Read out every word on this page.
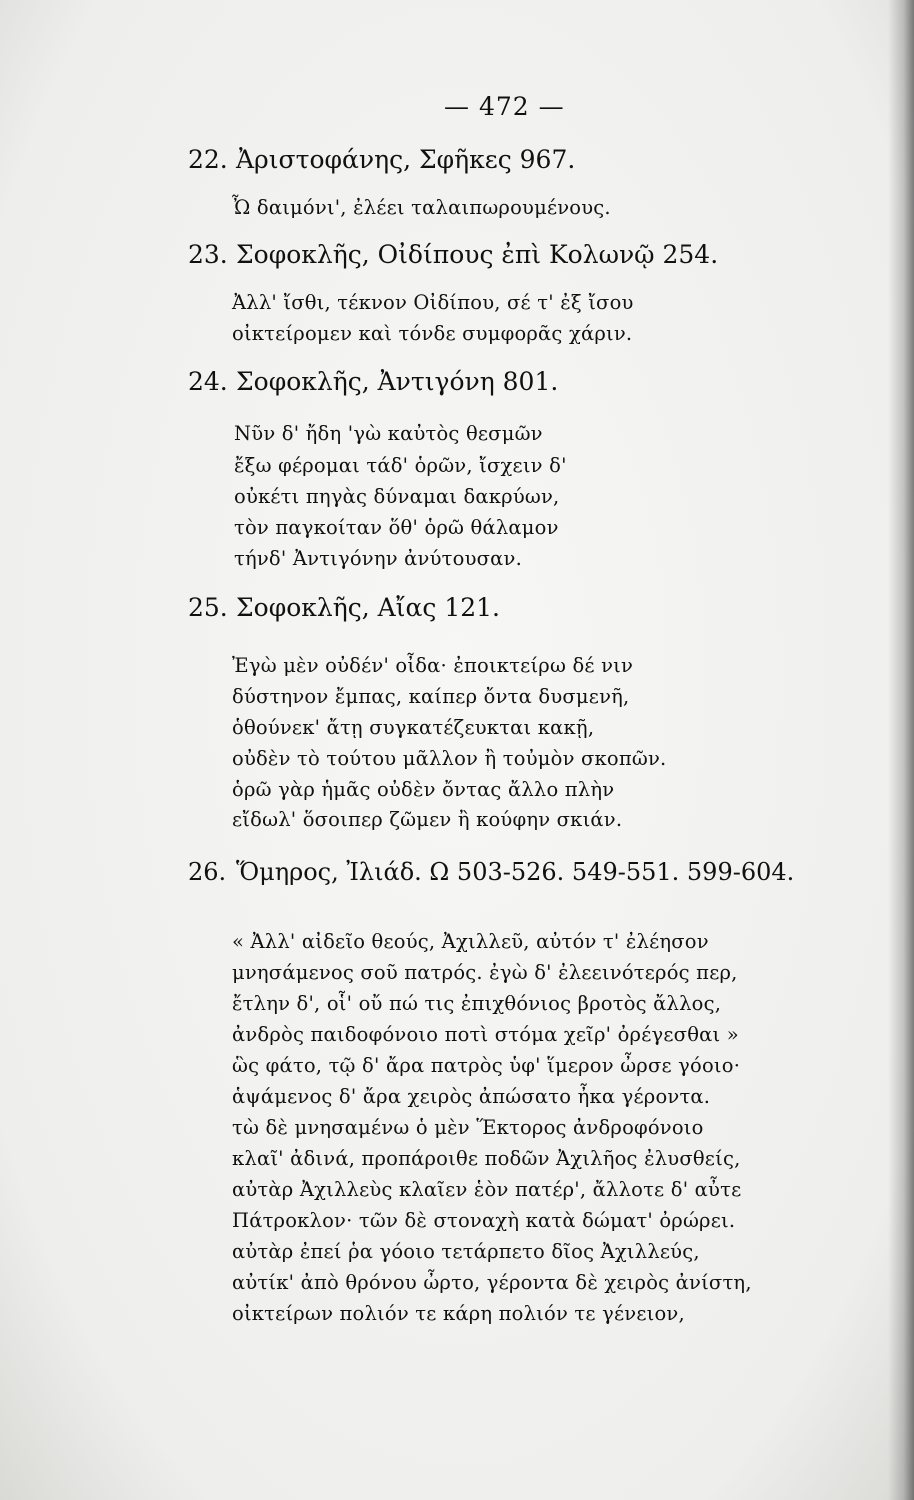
— 472 —
22. Ἀριστοφάνης, Σφῆκες 967.
Ὦ δαιμόνι', ἐλέει ταλαιπωρουμένους.
23. Σοφοκλῆς, Οἰδίπους ἐπὶ Κολωνῷ 254.
Ἀλλ' ἴσθι, τέκνον Οἰδίπου, σέ τ' ἐξ ἴσου
οἰκτείρομεν καὶ τόνδε συμφορᾶς χάριν.
24. Σοφοκλῆς, Ἀντιγόνη 801.
Νῦν δ' ἤδη 'γὼ καὐτὸς θεσμῶν
ἔξω φέρομαι τάδ' ὁρῶν, ἴσχειν δ'
οὐκέτι πηγὰς δύναμαι δακρύων,
τὸν παγκοίταν ὅθ' ὁρῶ θάλαμον
τήνδ' Ἀντιγόνην ἀνύτουσαν.
25. Σοφοκλῆς, Αἴας 121.
Ἐγὼ μὲν οὐδέν' οἶδα· ἐποικτείρω δέ νιν
δύστηνον ἔμπας, καίπερ ὄντα δυσμενῆ,
ὁθούνεκ' ἄτῃ συγκατέζευκται κακῇ,
οὐδὲν τὸ τούτου μᾶλλον ἢ τοὐμὸν σκοπῶν.
ὁρῶ γὰρ ἡμᾶς οὐδὲν ὄντας ἄλλο πλὴν
εἴδωλ' ὅσοιπερ ζῶμεν ἢ κούφην σκιάν.
26. Ὅμηρος, Ἰλιάδ. Ω 503-526. 549-551. 599-604.
« Ἀλλ' αἰδεῖο θεούς, Ἀχιλλεῦ, αὐτόν τ' ἐλέησον
μνησάμενος σοῦ πατρός. ἐγὼ δ' ἐλεεινότερός περ,
ἔτλην δ', οἷ' οὔ πώ τις ἐπιχθόνιος βροτὸς ἄλλος,
ἀνδρὸς παιδοφόνοιο ποτὶ στόμα χεῖρ' ὀρέγεσθαι »
ὣς φάτο, τῷ δ' ἄρα πατρὸς ὑφ' ἵμερον ὦρσε γόοιο·
ἁψάμενος δ' ἄρα χειρὸς ἀπώσατο ἦκα γέροντα.
τὼ δὲ μνησαμένω ὁ μὲν Ἕκτορος ἀνδροφόνοιο
κλαῖ' ἀδινά, προπάροιθε ποδῶν Ἀχιλῆος ἐλυσθείς,
αὐτὰρ Ἀχιλλεὺς κλαῖεν ἑὸν πατέρ', ἄλλοτε δ' αὖτε
Πάτροκλον· τῶν δὲ στοναχὴ κατὰ δώματ' ὀρώρει.
αὐτὰρ ἐπεί ῥα γόοιο τετάρπετο δῖος Ἀχιλλεύς,
αὐτίκ' ἀπὸ θρόνου ὦρτο, γέροντα δὲ χειρὸς ἀνίστη,
οἰκτείρων πολιόν τε κάρη πολιόν τε γένειον,
